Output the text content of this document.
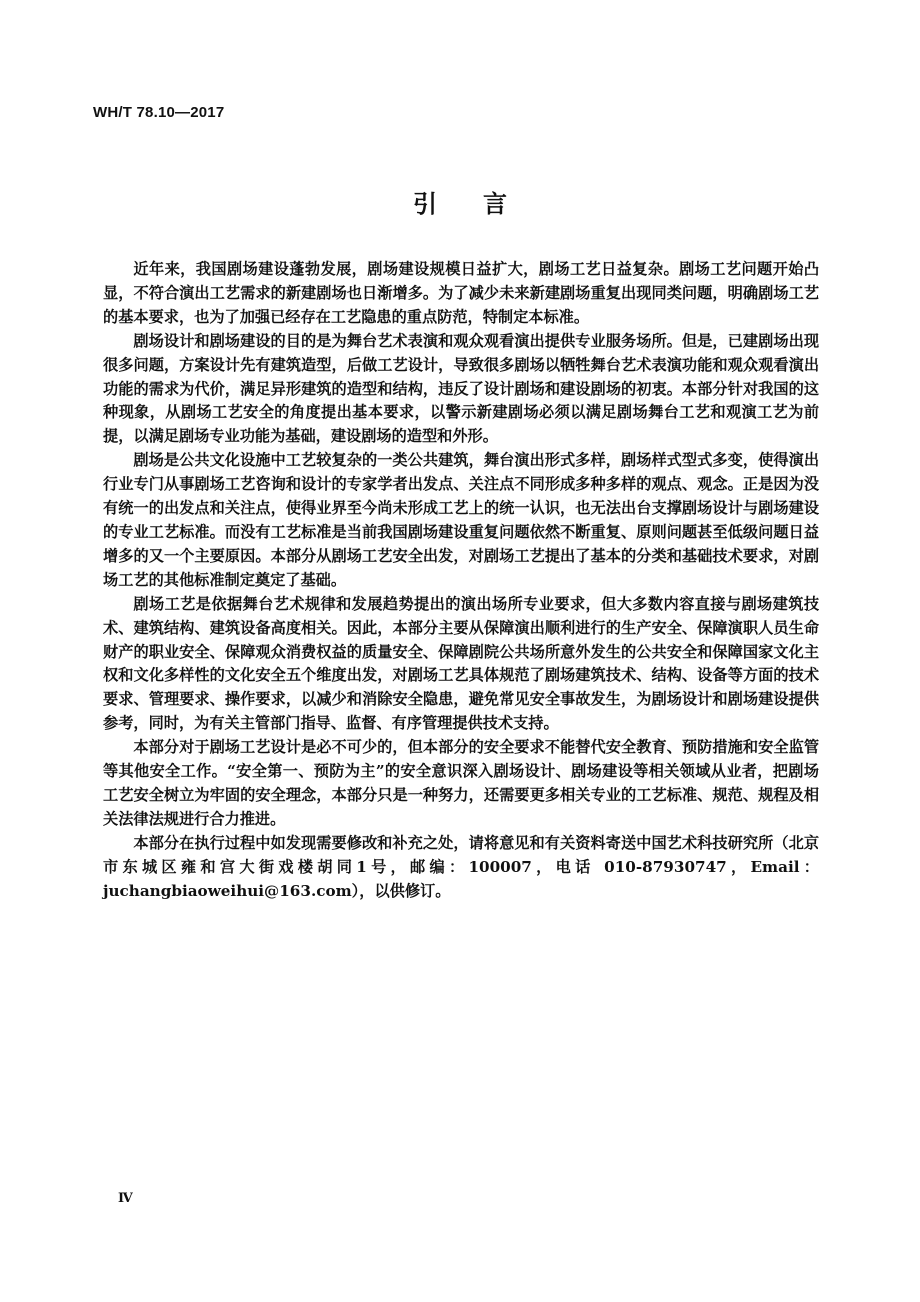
WH/T 78.10—2017
引言

近年来，我国剧场建设蓬勃发展，剧场建设规模日益扩大，剧场工艺日益复杂。剧场工艺问题开始凸显，不符合演出工艺需求的新建剧场也日渐增多。为了减少未来新建剧场重复出现同类问题，明确剧场工艺的基本要求，也为了加强已经存在工艺隐患的重点防范，特制定本标准。

剧场设计和剧场建设的目的是为舞台艺术表演和观众观看演出提供专业服务场所。但是，已建剧场出现很多问题，方案设计先有建筑造型，后做工艺设计，导致很多剧场以牺牲舞台艺术表演功能和观众观看演出功能的需求为代价，满足异形建筑的造型和结构，违反了设计剧场和建设剧场的初衷。本部分针对我国的这种现象，从剧场工艺安全的角度提出基本要求，以警示新建剧场必须以满足剧场舞台工艺和观演工艺为前提，以满足剧场专业功能为基础，建设剧场的造型和外形。

剧场是公共文化设施中工艺较复杂的一类公共建筑，舞台演出形式多样，剧场样式型式多变，使得演出行业专门从事剧场工艺咨询和设计的专家学者出发点、关注点不同形成多种多样的观点、观念。正是因为没有统一的出发点和关注点，使得业界至今尚未形成工艺上的统一认识，也无法出台支撑剧场设计与剧场建设的专业工艺标准。而没有工艺标准是当前我国剧场建设重复问题依然不断重复、原则问题甚至低级问题日益增多的又一个主要原因。本部分从剧场工艺安全出发，对剧场工艺提出了基本的分类和基础技术要求，对剧场工艺的其他标准制定奠定了基础。

剧场工艺是依据舞台艺术规律和发展趋势提出的演出场所专业要求，但大多数内容直接与剧场建筑技术、建筑结构、建筑设备高度相关。因此，本部分主要从保障演出顺利进行的生产安全、保障演职人员生命财产的职业安全、保障观众消费权益的质量安全、保障剧院公共场所意外发生的公共安全和保障国家文化主权和文化多样性的文化安全五个维度出发，对剧场工艺具体规范了剧场建筑技术、结构、设备等方面的技术要求、管理要求、操作要求，以减少和消除安全隐患，避免常见安全事故发生，为剧场设计和剧场建设提供参考，同时，为有关主管部门指导、监督、有序管理提供技术支持。

本部分对于剧场工艺设计是必不可少的，但本部分的安全要求不能替代安全教育、预防措施和安全监管等其他安全工作。“安全第一、预防为主”的安全意识深入剧场设计、剧场建设等相关领域从业者，把剧场工艺安全树立为牢固的安全理念，本部分只是一种努力，还需要更多相关专业的工艺标准、规范、规程及相关法律法规进行合力推进。

本部分在执行过程中如发现需要修改和补充之处，请将意见和有关资料寄送中国艺术科技研究所（北京市东城区雍和宫大街戏楼胡同1号，邮编：100007，电话 010-87930747，Email：juchangbiaoweihui@163.com），以供修订。

Ⅳ
